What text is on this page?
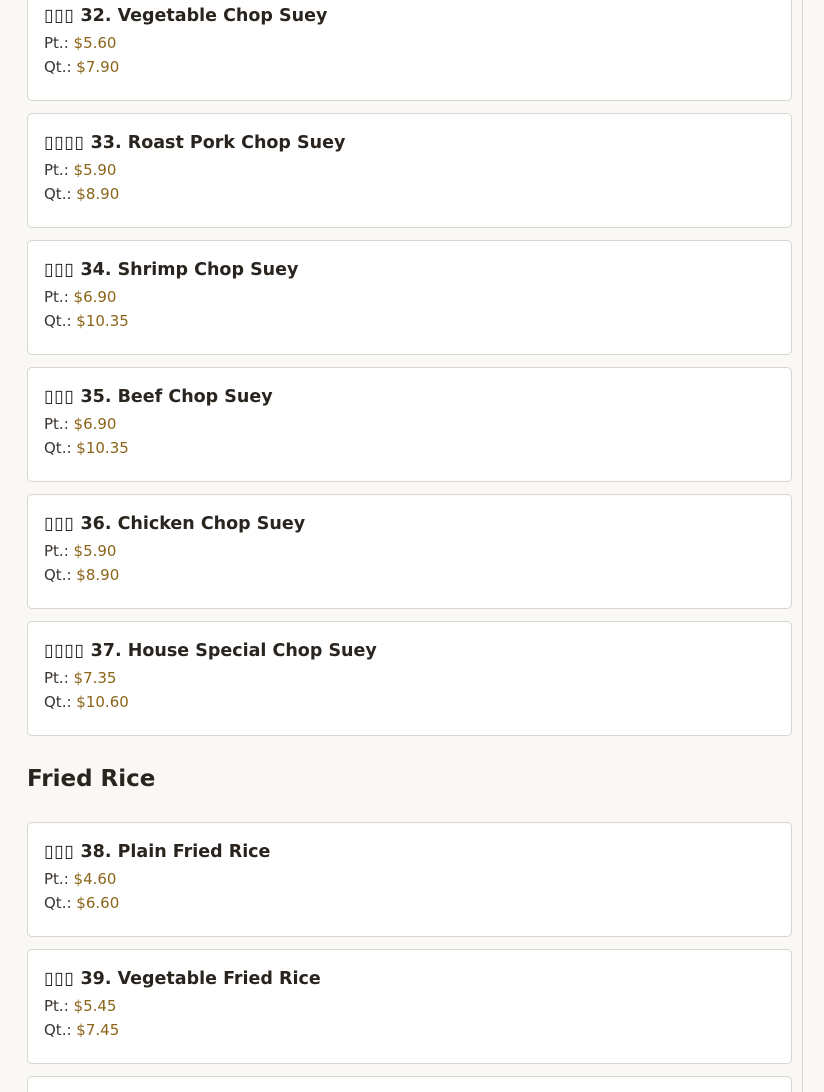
▯▯▯ 32. Vegetable Chop Suey
Pt.: $5.60
Qt.: $7.90
▯▯▯▯ 33. Roast Pork Chop Suey
Pt.: $5.90
Qt.: $8.90
▯▯▯ 34. Shrimp Chop Suey
Pt.: $6.90
Qt.: $10.35
▯▯▯ 35. Beef Chop Suey
Pt.: $6.90
Qt.: $10.35
▯▯▯ 36. Chicken Chop Suey
Pt.: $5.90
Qt.: $8.90
▯▯▯▯ 37. House Special Chop Suey
Pt.: $7.35
Qt.: $10.60
Fried Rice
▯▯▯ 38. Plain Fried Rice
Pt.: $4.60
Qt.: $6.60
▯▯▯ 39. Vegetable Fried Rice
Pt.: $5.45
Qt.: $7.45
